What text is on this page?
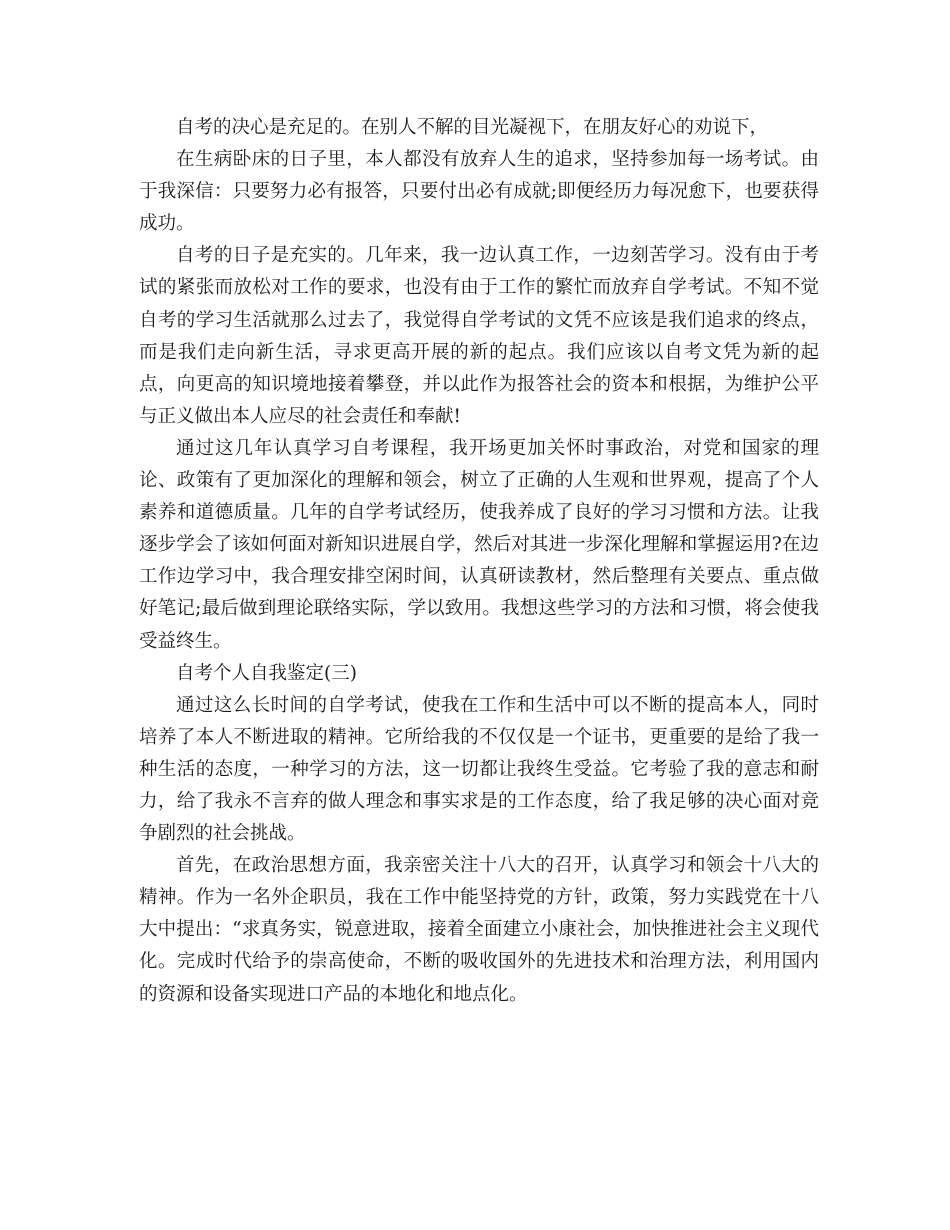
自考的决心是充足的。在别人不解的目光凝视下，在朋友好心的劝说下，

在生病卧床的日子里，本人都没有放弃人生的追求，坚持参加每一场考试。由于我深信：只要努力必有报答，只要付出必有成就;即便经历力每况愈下，也要获得成功。

自考的日子是充实的。几年来，我一边认真工作，一边刻苦学习。没有由于考试的紧张而放松对工作的要求，也没有由于工作的繁忙而放弃自学考试。不知不觉自考的学习生活就那么过去了，我觉得自学考试的文凭不应该是我们追求的终点，而是我们走向新生活，寻求更高开展的新的起点。我们应该以自考文凭为新的起点，向更高的知识境地接着攀登，并以此作为报答社会的资本和根据，为维护公平与正义做出本人应尽的社会责任和奉献!

通过这几年认真学习自考课程，我开场更加关怀时事政治，对党和国家的理论、政策有了更加深化的理解和领会，树立了正确的人生观和世界观，提高了个人素养和道德质量。几年的自学考试经历，使我养成了良好的学习习惯和方法。让我逐步学会了该如何面对新知识进展自学，然后对其进一步深化理解和掌握运用?在边工作边学习中，我合理安排空闲时间，认真研读教材，然后整理有关要点、重点做好笔记;最后做到理论联络实际，学以致用。我想这些学习的方法和习惯，将会使我受益终生。

自考个人自我鉴定(三)

通过这么长时间的自学考试，使我在工作和生活中可以不断的提高本人，同时培养了本人不断进取的精神。它所给我的不仅仅是一个证书，更重要的是给了我一种生活的态度，一种学习的方法，这一切都让我终生受益。它考验了我的意志和耐力，给了我永不言弃的做人理念和事实求是的工作态度，给了我足够的决心面对竞争剧烈的社会挑战。

首先，在政治思想方面，我亲密关注十八大的召开，认真学习和领会十八大的精神。作为一名外企职员，我在工作中能坚持党的方针，政策，努力实践党在十八大中提出：“求真务实，锐意进取，接着全面建立小康社会，加快推进社会主义现代化。完成时代给予的崇高使命，不断的吸收国外的先进技术和治理方法，利用国内的资源和设备实现进口产品的本地化和地点化。
